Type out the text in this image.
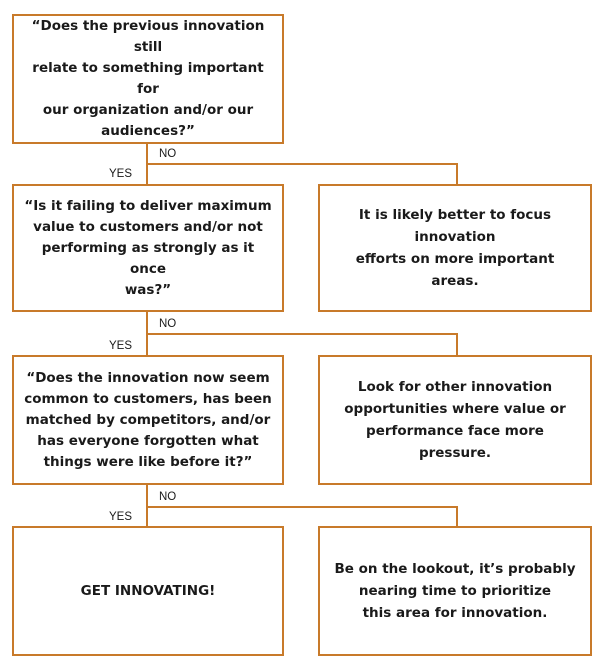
“Does the previous innovation still
relate to something important for
our organization and/or our
audiences?”
“Is it failing to deliver maximum
value to customers and/or not
performing as strongly as it once
was?”
“Does the innovation now seem
common to customers, has been
matched by competitors, and/or
has everyone forgotten what
things were like before it?”
GET INNOVATING!
It is likely better to focus innovation
efforts on more important areas.
Look for other innovation
opportunities where value or
performance face more pressure.
Be on the lookout, it’s probably
nearing time to prioritize
this area for innovation.
NO
YES
NO
YES
NO
YES
